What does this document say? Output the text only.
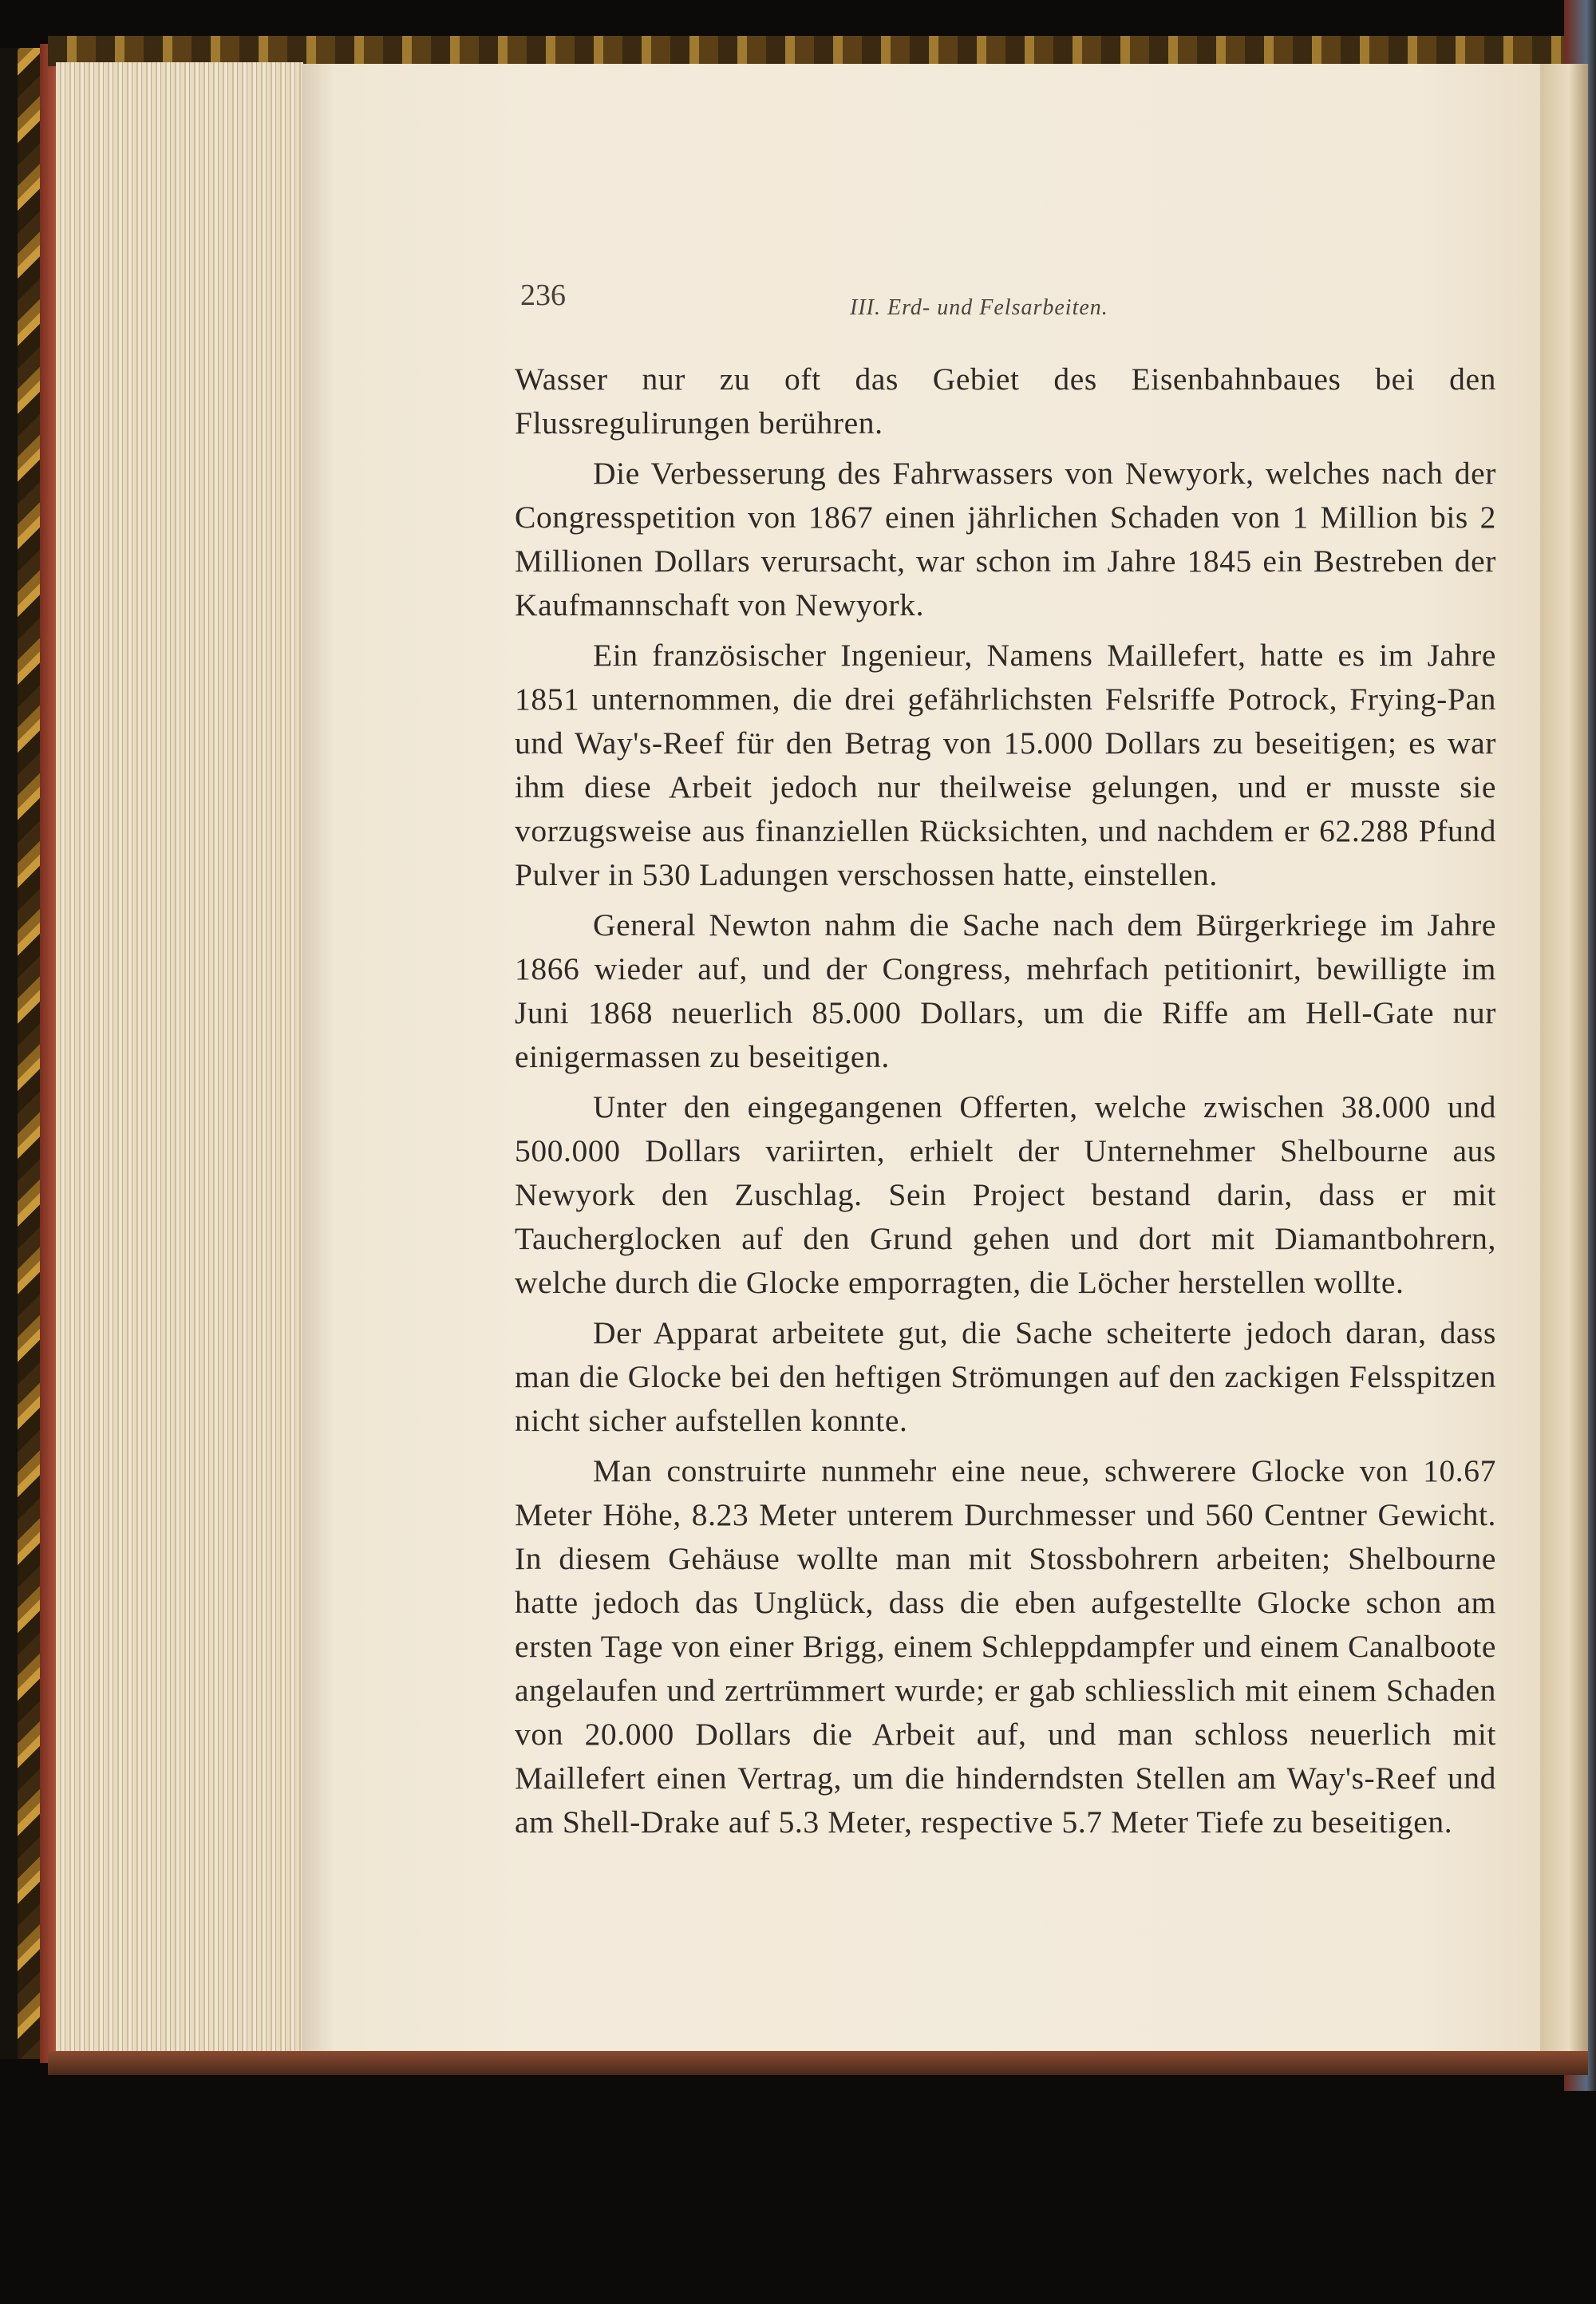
236	III. Erd- und Felsarbeiten.

Wasser nur zu oft das Gebiet des Eisenbahnbaues bei den Flussregulirungen berühren.

Die Verbesserung des Fahrwassers von Newyork, welches nach der Congresspetition von 1867 einen jährlichen Schaden von 1 Million bis 2 Millionen Dollars verursacht, war schon im Jahre 1845 ein Bestreben der Kaufmannschaft von Newyork.

Ein französischer Ingenieur, Namens Maillefert, hatte es im Jahre 1851 unternommen, die drei gefährlichsten Felsriffe Potrock, Frying-Pan und Way's-Reef für den Betrag von 15.000 Dollars zu beseitigen; es war ihm diese Arbeit jedoch nur theilweise gelungen, und er musste sie vorzugsweise aus finanziellen Rücksichten, und nachdem er 62.288 Pfund Pulver in 530 Ladungen verschossen hatte, einstellen.

General Newton nahm die Sache nach dem Bürgerkriege im Jahre 1866 wieder auf, und der Congress, mehrfach petitionirt, bewilligte im Juni 1868 neuerlich 85.000 Dollars, um die Riffe am Hell-Gate nur einigermassen zu beseitigen.

Unter den eingegangenen Offerten, welche zwischen 38.000 und 500.000 Dollars variirten, erhielt der Unternehmer Shelbourne aus Newyork den Zuschlag. Sein Project bestand darin, dass er mit Taucherglocken auf den Grund gehen und dort mit Diamantbohrern, welche durch die Glocke emporragten, die Löcher herstellen wollte.

Der Apparat arbeitete gut, die Sache scheiterte jedoch daran, dass man die Glocke bei den heftigen Strömungen auf den zackigen Felsspitzen nicht sicher aufstellen konnte.

Man construirte nunmehr eine neue, schwerere Glocke von 10.67 Meter Höhe, 8.23 Meter unterem Durchmesser und 560 Centner Gewicht. In diesem Gehäuse wollte man mit Stossbohrern arbeiten; Shelbourne hatte jedoch das Unglück, dass die eben aufgestellte Glocke schon am ersten Tage von einer Brigg, einem Schleppdampfer und einem Canalboote angelaufen und zertrümmert wurde; er gab schliesslich mit einem Schaden von 20.000 Dollars die Arbeit auf, und man schloss neuerlich mit Maillefert einen Vertrag, um die hinderndsten Stellen am Way's-Reef und am Shell-Drake auf 5.3 Meter, respective 5.7 Meter Tiefe zu beseitigen.
